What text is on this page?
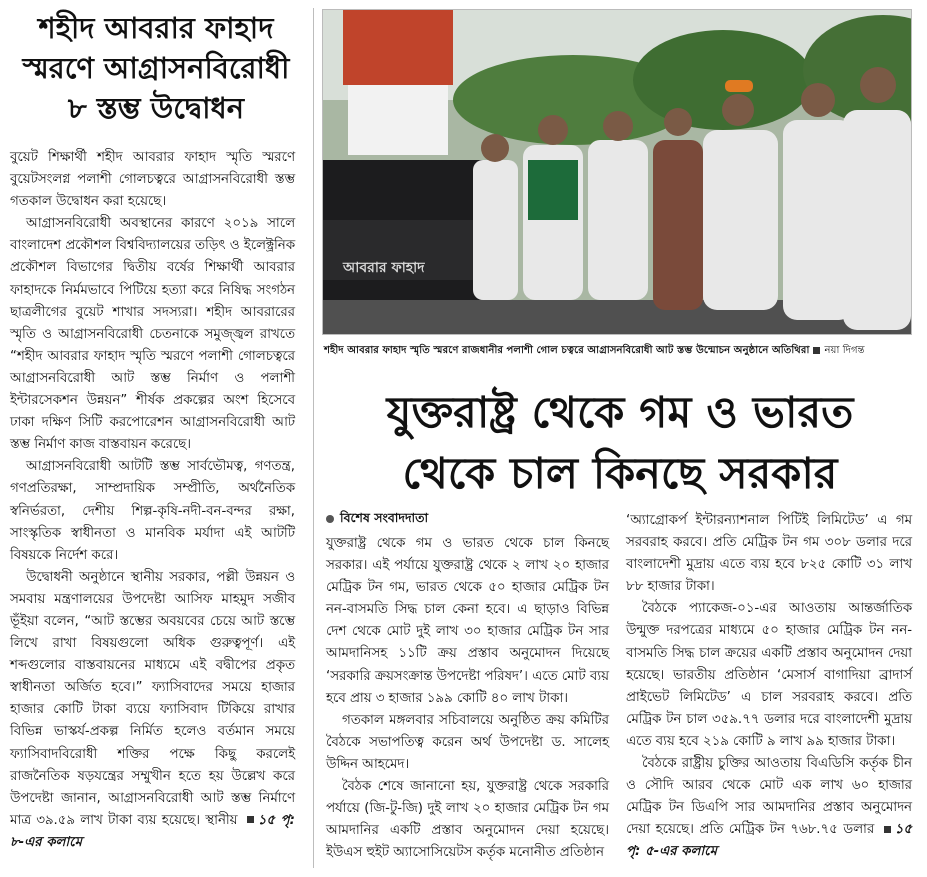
শহীদ আবরার ফাহাদ
স্মরণে আগ্রাসনবিরোধী
৮ স্তম্ভ উদ্বোধন

বুয়েট শিক্ষার্থী শহীদ আবরার ফাহাদ স্মৃতি স্মরণে বুয়েটসংলগ্ন পলাশী গোলচত্বরে আগ্রাসনবিরোধী স্তম্ভ গতকাল উদ্বোধন করা হয়েছে।

আগ্রাসনবিরোধী অবস্থানের কারণে ২০১৯ সালে বাংলাদেশ প্রকৌশল বিশ্ববিদ্যালয়ের তড়িৎ ও ইলেক্ট্রনিক প্রকৌশল বিভাগের দ্বিতীয় বর্ষের শিক্ষার্থী আবরার ফাহাদকে নির্মমভাবে পিটিয়ে হত্যা করে নিষিদ্ধ সংগঠন ছাত্রলীগের বুয়েট শাখার সদস্যরা। শহীদ আবরারের স্মৃতি ও আগ্রাসনবিরোধী চেতনাকে সমুজ্জ্বল রাখতে “শহীদ আবরার ফাহাদ স্মৃতি স্মরণে পলাশী গোলচত্বরে আগ্রাসনবিরোধী আট স্তম্ভ নির্মাণ ও পলাশী ইন্টারসেকশন উন্নয়ন” শীর্ষক প্রকল্পের অংশ হিসেবে ঢাকা দক্ষিণ সিটি করপোরেশন আগ্রাসনবিরোধী আট স্তম্ভ নির্মাণ কাজ বাস্তবায়ন করেছে।

আগ্রাসনবিরোধী আটটি স্তম্ভ সার্বভৌমত্ব, গণতন্ত্র, গণপ্রতিরক্ষা, সাম্প্রদায়িক সম্প্রীতি, অর্থনৈতিক স্বনির্ভরতা, দেশীয় শিল্প-কৃষি-নদী-বন-বন্দর রক্ষা, সাংস্কৃতিক স্বাধীনতা ও মানবিক মর্যাদা এই আটটি বিষয়কে নির্দেশ করে।

উদ্বোধনী অনুষ্ঠানে স্থানীয় সরকার, পল্লী উন্নয়ন ও সমবায় মন্ত্রণালয়ের উপদেষ্টা আসিফ মাহমুদ সজীব ভূঁইয়া বলেন, “আট স্তম্ভের অবয়বের চেয়ে আট স্তম্ভে লিখে রাখা বিষয়গুলো অধিক গুরুত্বপূর্ণ। এই শব্দগুলোর বাস্তবায়নের মাধ্যমে এই বদ্বীপের প্রকৃত স্বাধীনতা অর্জিত হবে।” ফ্যাসিবাদের সময়ে হাজার হাজার কোটি টাকা ব্যয়ে ফ্যাসিবাদ টিকিয়ে রাখার বিভিন্ন ভাস্কর্য-প্রকল্প নির্মিত হলেও বর্তমান সময়ে ফ্যাসিবাদবিরোধী শক্তির পক্ষে কিছু করলেই রাজনৈতিক ষড়যন্ত্রের সম্মুখীন হতে হয় উল্লেখ করে উপদেষ্টা জানান, আগ্রাসনবিরোধী আট স্তম্ভ নির্মাণে মাত্র ৩৯.৫৯ লাখ টাকা ব্যয় হয়েছে। স্থানীয় ১৫ পৃ: ৮-এর কলামে

আবরার ফাহাদ
শহীদ আবরার ফাহাদ স্মৃতি স্মরণে রাজধানীর পলাশী গোল চত্বরে আগ্রাসনবিরোধী আট স্তম্ভ উন্মোচন অনুষ্ঠানে অতিথিরা নয়া দিগন্ত
যুক্তরাষ্ট্র থেকে গম ও ভারত
থেকে চাল কিনছে সরকার
বিশেষ সংবাদদাতা

যুক্তরাষ্ট্র থেকে গম ও ভারত থেকে চাল কিনছে সরকার। এই পর্যায়ে যুক্তরাষ্ট্র থেকে ২ লাখ ২০ হাজার মেট্রিক টন গম, ভারত থেকে ৫০ হাজার মেট্রিক টন নন-বাসমতি সিদ্ধ চাল কেনা হবে। এ ছাড়াও বিভিন্ন দেশ থেকে মোট দুই লাখ ৩০ হাজার মেট্রিক টন সার আমদানিসহ ১১টি ক্রয় প্রস্তাব অনুমোদন দিয়েছে ‘সরকারি ক্রয়সংক্রান্ত উপদেষ্টা পরিষদ’। এতে মোট ব্যয় হবে প্রায় ৩ হাজার ১৯৯ কোটি ৪০ লাখ টাকা।

গতকাল মঙ্গলবার সচিবালয়ে অনুষ্ঠিত ক্রয় কমিটির বৈঠকে সভাপতিত্ব করেন অর্থ উপদেষ্টা ড. সালেহ উদ্দিন আহমেদ।

বৈঠক শেষে জানানো হয়, যুক্তরাষ্ট্র থেকে সরকারি পর্যায়ে (জি-টু-জি) দুই লাখ ২০ হাজার মেট্রিক টন গম আমদানির একটি প্রস্তাব অনুমোদন দেয়া হয়েছে। ইউএস হুইট অ্যাসোসিয়েটস কর্তৃক মনোনীত প্রতিষ্ঠান

‘অ্যাগ্রোকর্প ইন্টারন্যাশনাল পিটিই লিমিটেড’ এ গম সরবরাহ করবে। প্রতি মেট্রিক টন গম ৩০৮ ডলার দরে বাংলাদেশী মুদ্রায় এতে ব্যয় হবে ৮২৫ কোটি ৩১ লাখ ৮৮ হাজার টাকা।

বৈঠকে প্যাকেজ-০১-এর আওতায় আন্তর্জাতিক উন্মুক্ত দরপত্রের মাধ্যমে ৫০ হাজার মেট্রিক টন নন-বাসমতি সিদ্ধ চাল ক্রয়ের একটি প্রস্তাব অনুমোদন দেয়া হয়েছে। ভারতীয় প্রতিষ্ঠান ‘মেসার্স বাগাদিয়া ব্রাদার্স প্রাইভেট লিমিটেড’ এ চাল সরবরাহ করবে। প্রতি মেট্রিক টন চাল ৩৫৯.৭৭ ডলার দরে বাংলাদেশী মুদ্রায় এতে ব্যয় হবে ২১৯ কোটি ৯ লাখ ৯৯ হাজার টাকা।

বৈঠকে রাষ্ট্রীয় চুক্তির আওতায় বিএডিসি কর্তৃক চীন ও সৌদি আরব থেকে মোট এক লাখ ৬০ হাজার মেট্রিক টন ডিএপি সার আমদানির প্রস্তাব অনুমোদন দেয়া হয়েছে। প্রতি মেট্রিক টন ৭৬৮.৭৫ ডলার ১৫ পৃ: ৫-এর কলামে
